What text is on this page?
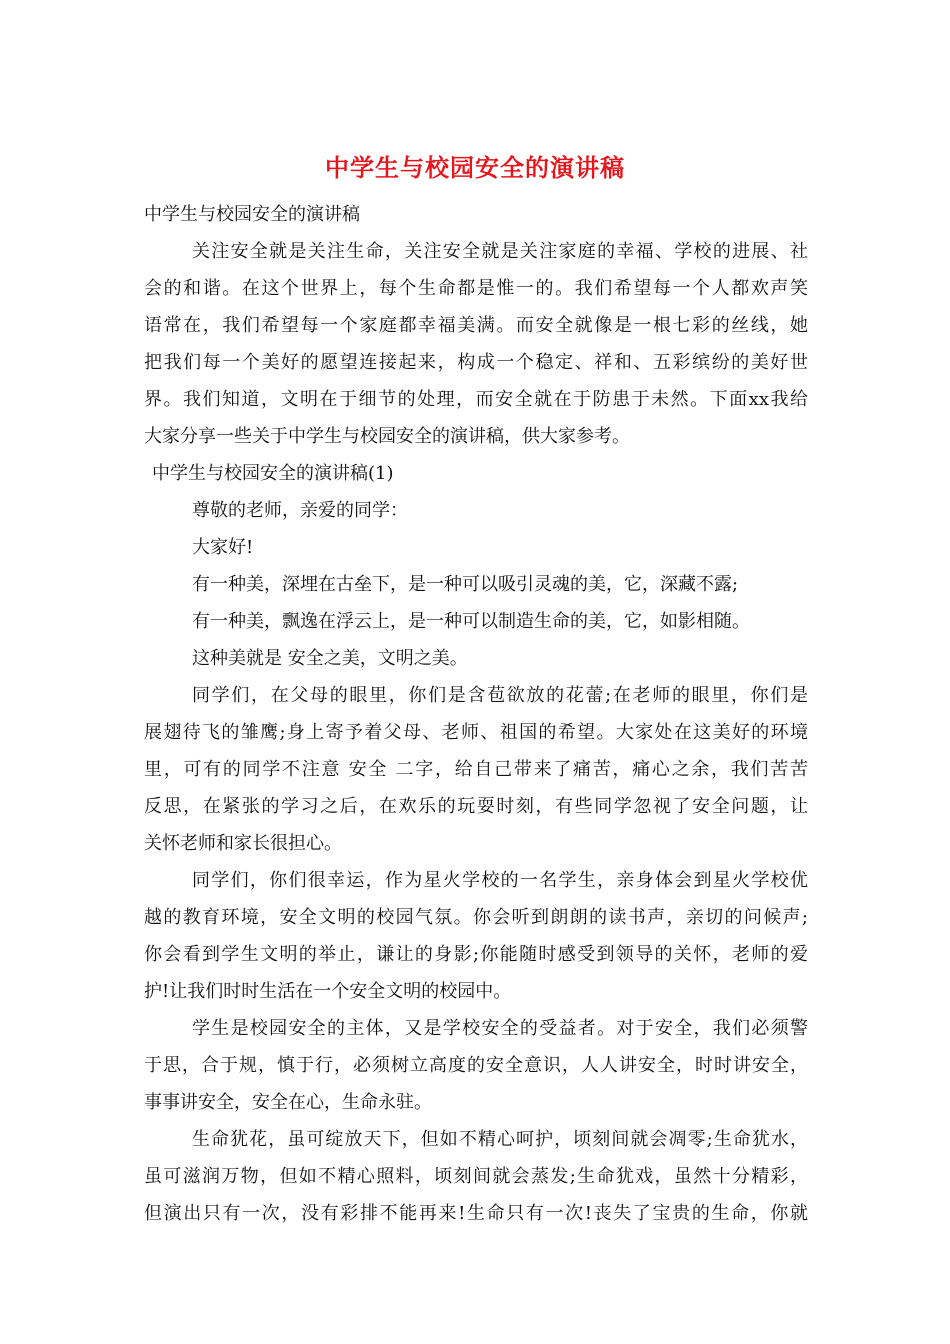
中学生与校园安全的演讲稿
中学生与校园安全的演讲稿
关注安全就是关注生命，关注安全就是关注家庭的幸福、学校的进展、社
会的和谐。在这个世界上，每个生命都是惟一的。我们希望每一个人都欢声笑
语常在，我们希望每一个家庭都幸福美满。而安全就像是一根七彩的丝线，她
把我们每一个美好的愿望连接起来，构成一个稳定、祥和、五彩缤纷的美好世
界。我们知道，文明在于细节的处理，而安全就在于防患于未然。下面xx我给
大家分享一些关于中学生与校园安全的演讲稿，供大家参考。
中学生与校园安全的演讲稿(1)
尊敬的老师，亲爱的同学：
大家好!
有一种美，深埋在古垒下，是一种可以吸引灵魂的美，它，深藏不露;
有一种美，飘逸在浮云上，是一种可以制造生命的美，它，如影相随。
这种美就是 安全之美，文明之美。
同学们，在父母的眼里，你们是含苞欲放的花蕾;在老师的眼里，你们是
展翅待飞的雏鹰;身上寄予着父母、老师、祖国的希望。大家处在这美好的环境
里，可有的同学不注意 安全 二字，给自己带来了痛苦，痛心之余，我们苦苦
反思，在紧张的学习之后，在欢乐的玩耍时刻，有些同学忽视了安全问题，让
关怀老师和家长很担心。
同学们，你们很幸运，作为星火学校的一名学生，亲身体会到星火学校优
越的教育环境，安全文明的校园气氛。你会听到朗朗的读书声，亲切的问候声;
你会看到学生文明的举止，谦让的身影;你能随时感受到领导的关怀，老师的爱
护!让我们时时生活在一个安全文明的校园中。
学生是校园安全的主体，又是学校安全的受益者。对于安全，我们必须警
于思，合于规，慎于行，必须树立高度的安全意识，人人讲安全，时时讲安全，
事事讲安全，安全在心，生命永驻。
生命犹花，虽可绽放天下，但如不精心呵护，顷刻间就会凋零;生命犹水，
虽可滋润万物，但如不精心照料，顷刻间就会蒸发;生命犹戏，虽然十分精彩，
但演出只有一次，没有彩排不能再来!生命只有一次!丧失了宝贵的生命，你就
